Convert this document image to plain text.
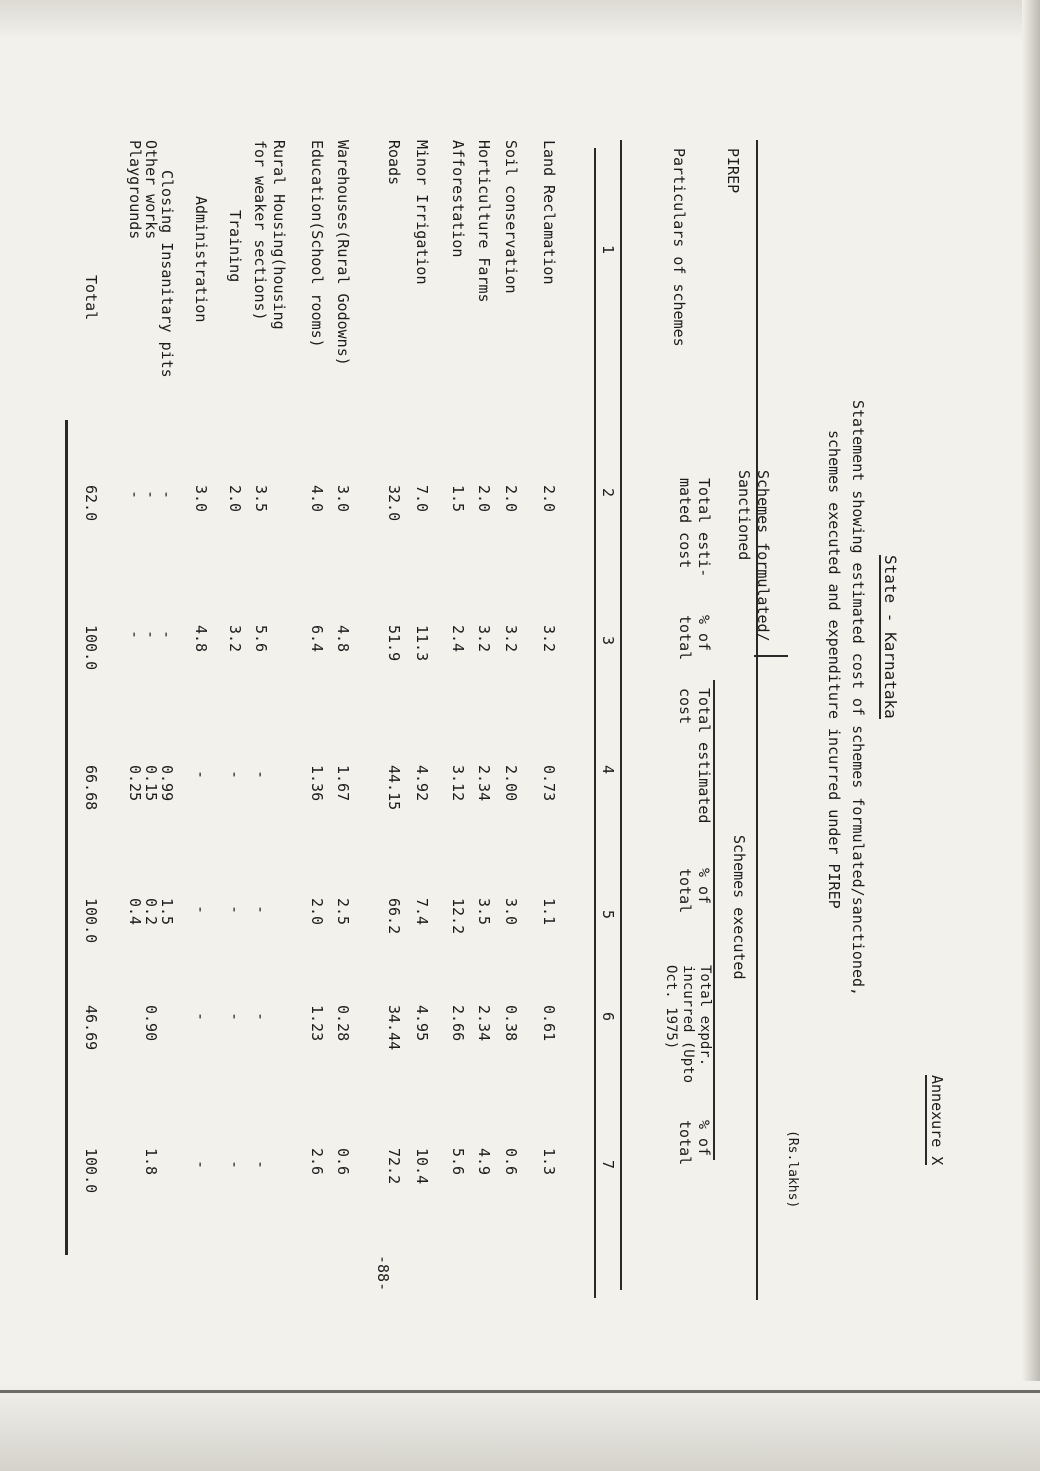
Annexure X
State - Karnataka
Statement showing estimated cost of schemes formulated/sanctioned,
schemes executed and expenditure incurred under PIREP
(Rs.lakhs)
PIREP
Particulars of schemes
Schemes formulated/ Sanctioned
Schemes executed
Total esti- mated cost
% of total
Total estimated cost
% of total
Total expdr. incurred (Upto Oct. 1975)
% of total
1
2
3
4
5
6
7
Land Reclamation
2.0
3.2
0.73
1.1
0.61
1.3
Soil conservation
2.0
3.2
2.00
3.0
0.38
0.6
Horticulture Farms
2.0
3.2
2.34
3.5
2.34
4.9
Afforestation
1.5
2.4
3.12
12.2
2.66
5.6
Minor Irrigation
7.0
11.3
4.92
7.4
4.95
10.4
Roads
32.0
51.9
44.15
66.2
34.44
72.2
Warehouses(Rural Godowns)
3.0
4.8
1.67
2.5
0.28
0.6
Education(School rooms)
4.0
6.4
1.36
2.0
1.23
2.6
Rural Housing(housing for weaker sections)
3.5
5.6
-
-
-
-
Training
2.0
3.2
-
-
-
-
Administration
3.0
4.8
-
-
-
-
Closing Insanitary pits
-
-
0.99
1.5
Other works
-
-
0.15
0.2
0.90
1.8
Playgrounds
-
-
0.25
0.4
Total
62.0
100.0
66.68
100.0
46.69
100.0
-88-
